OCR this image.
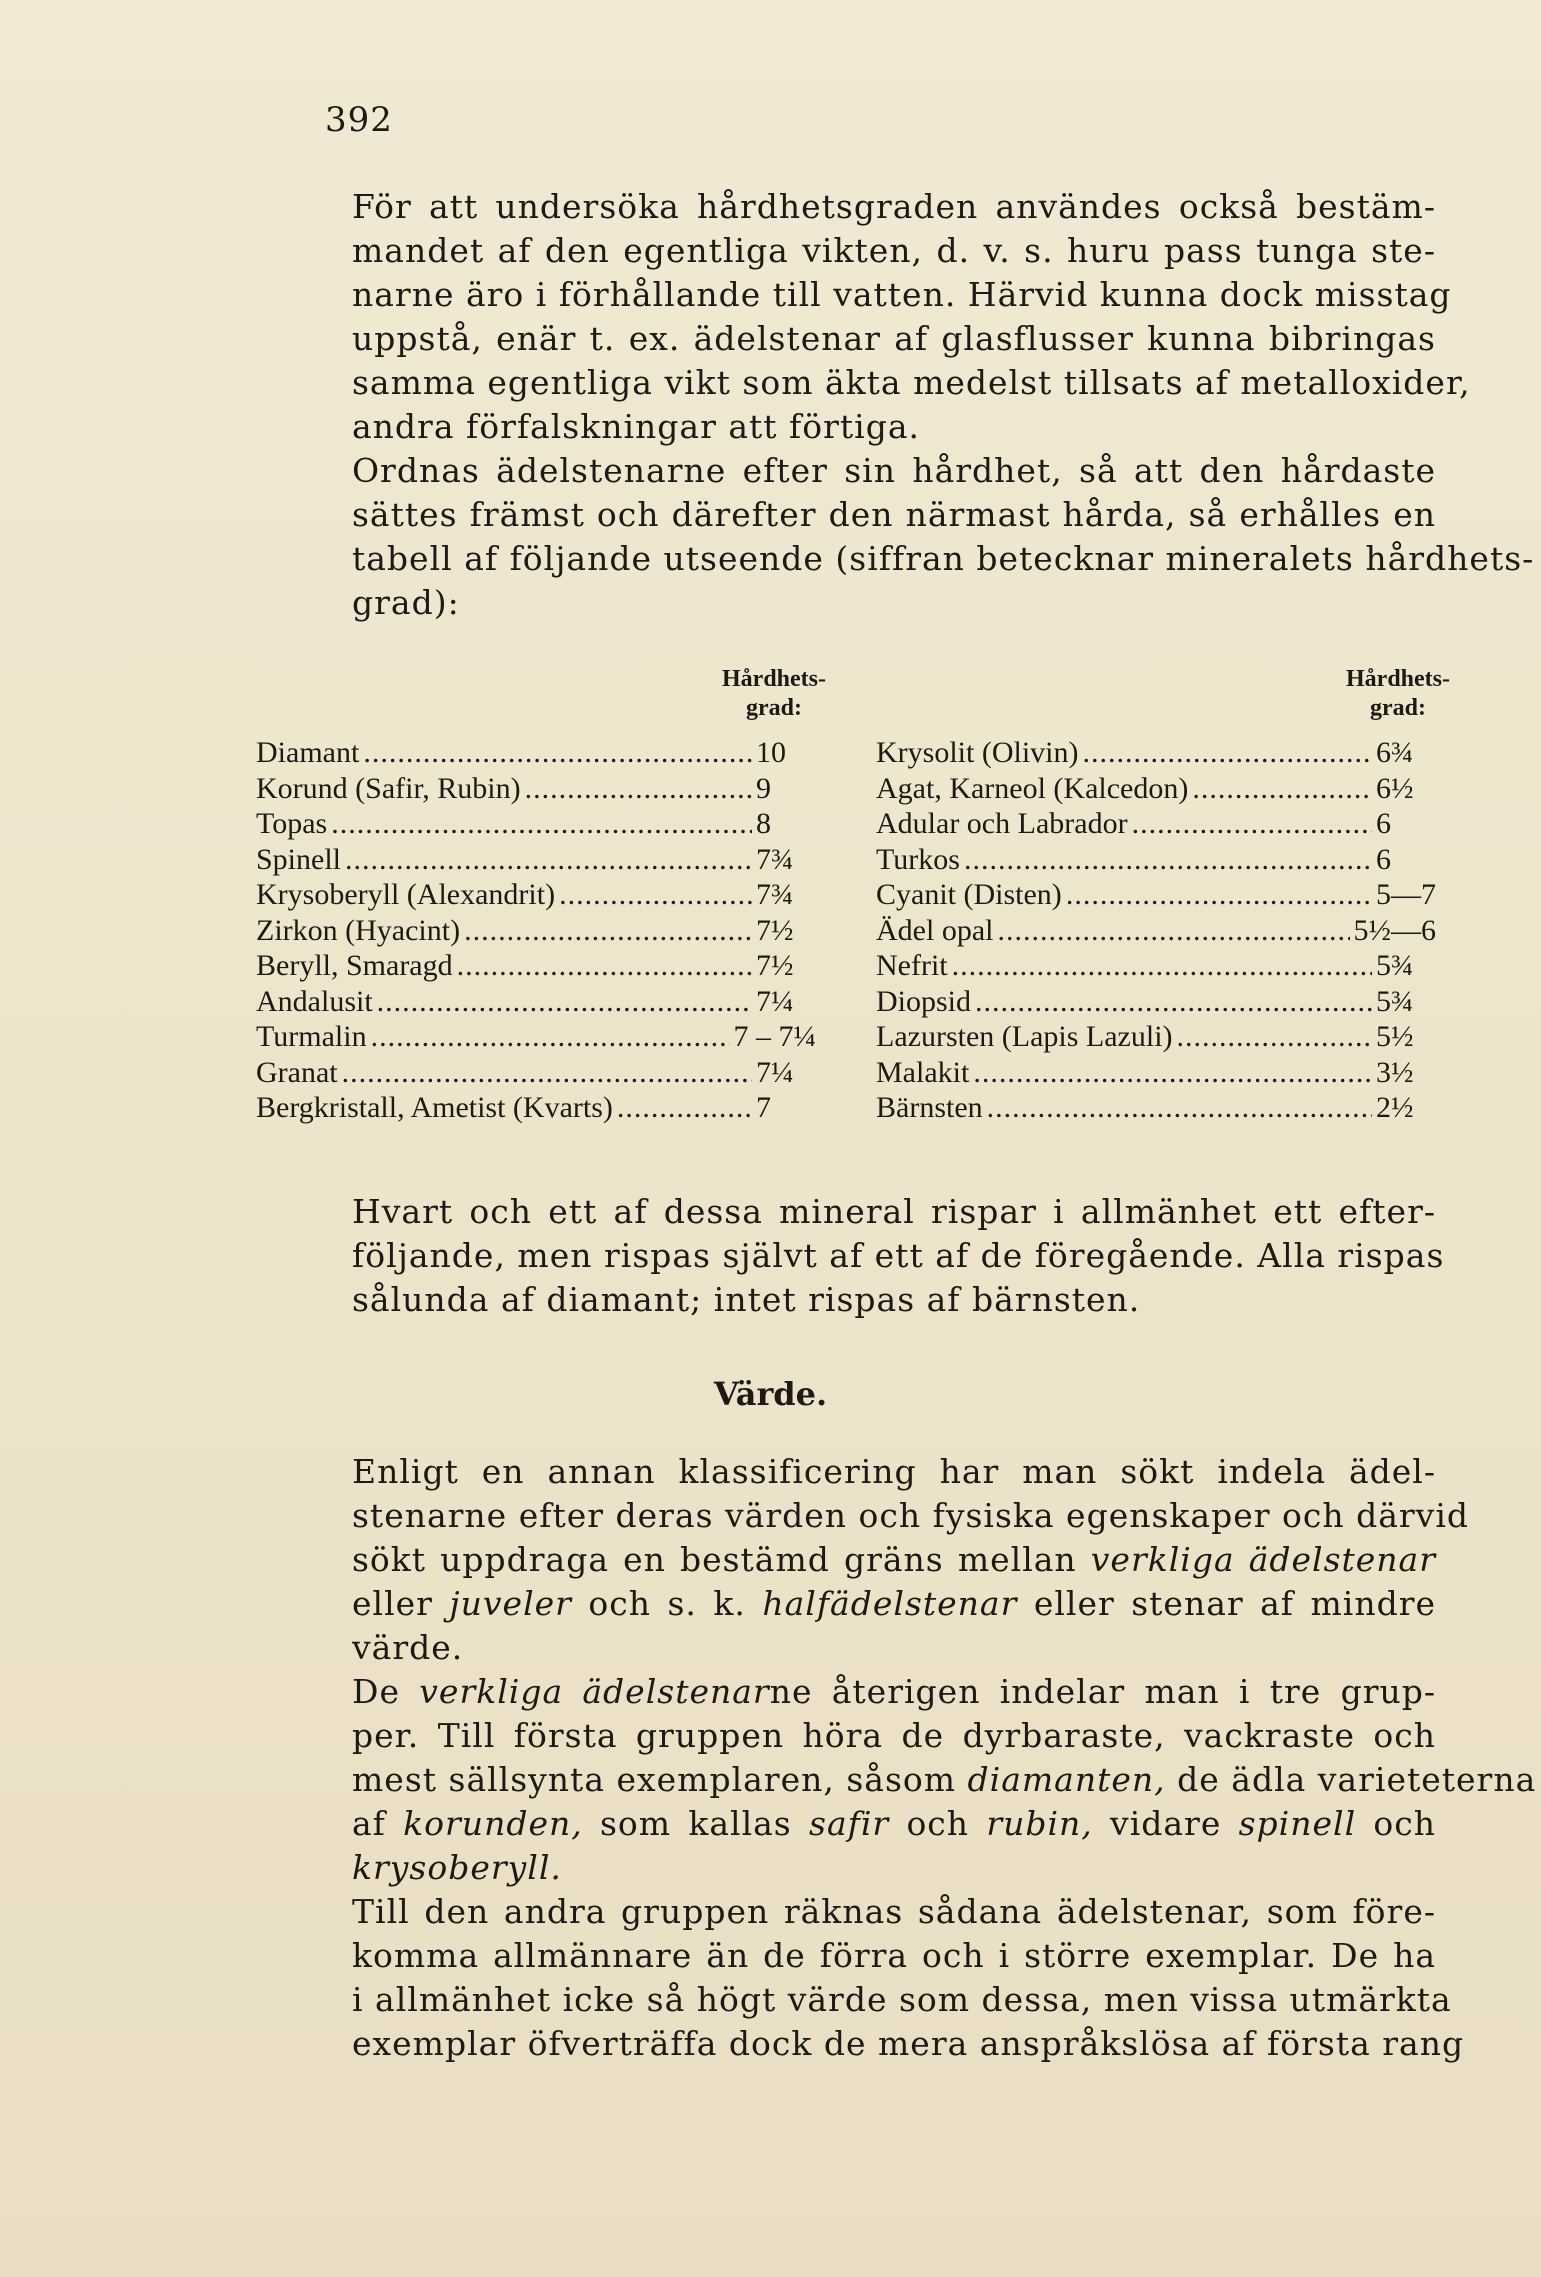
392

För att undersöka hårdhetsgraden användes också bestäm-
mandet af den egentliga vikten, d. v. s. huru pass tunga ste-
narne äro i förhållande till vatten. Härvid kunna dock misstag
uppstå, enär t. ex. ädelstenar af glasflusser kunna bibringas
samma egentliga vikt som äkta medelst tillsats af metalloxider,
andra förfalskningar att förtiga.

Ordnas ädelstenarne efter sin hårdhet, så att den hårdaste
sättes främst och därefter den närmast hårda, så erhålles en
tabell af följande utseende (siffran betecknar mineralets hårdhets-
grad):

Hårdhets-
grad:
Diamant .....	10
Korund (Safir, Rubin) .....	9
Topas .....	8
Spinell .....	7¾
Krysoberyll (Alexandrit) .....	7¾
Zirkon (Hyacint) .....	7½
Beryll, Smaragd .....	7½
Andalusit .....	7¼
Turmalin .....	7 – 7¼
Granat .....	7¼
Bergkristall, Ametist (Kvarts) .....	7
Hårdhets-
grad:
Krysolit (Olivin) .....	6¾
Agat, Karneol (Kalcedon) .....	6½
Adular och Labrador .....	6
Turkos .....	6
Cyanit (Disten) .....	5—7
Ädel opal .....	5½—6
Nefrit .....	5¾
Diopsid .....	5¾
Lazursten (Lapis Lazuli) .....	5½
Malakit .....	3½
Bärnsten .....	2½

Hvart och ett af dessa mineral rispar i allmänhet ett efter-
följande, men rispas självt af ett af de föregående. Alla rispas
sålunda af diamant; intet rispas af bärnsten.

Värde.

Enligt en annan klassificering har man sökt indela ädel-
stenarne efter deras värden och fysiska egenskaper och därvid
sökt uppdraga en bestämd gräns mellan verkliga ädelstenar
eller juveler och s. k. halfädelstenar eller stenar af mindre
värde.

De verkliga ädelstenarne återigen indelar man i tre grup-
per. Till första gruppen höra de dyrbaraste, vackraste och
mest sällsynta exemplaren, såsom diamanten, de ädla varieteterna
af korunden, som kallas safir och rubin, vidare spinell och
krysoberyll.

Till den andra gruppen räknas sådana ädelstenar, som före-
komma allmännare än de förra och i större exemplar. De ha
i allmänhet icke så högt värde som dessa, men vissa utmärkta
exemplar öfverträffa dock de mera anspråkslösa af första rang
